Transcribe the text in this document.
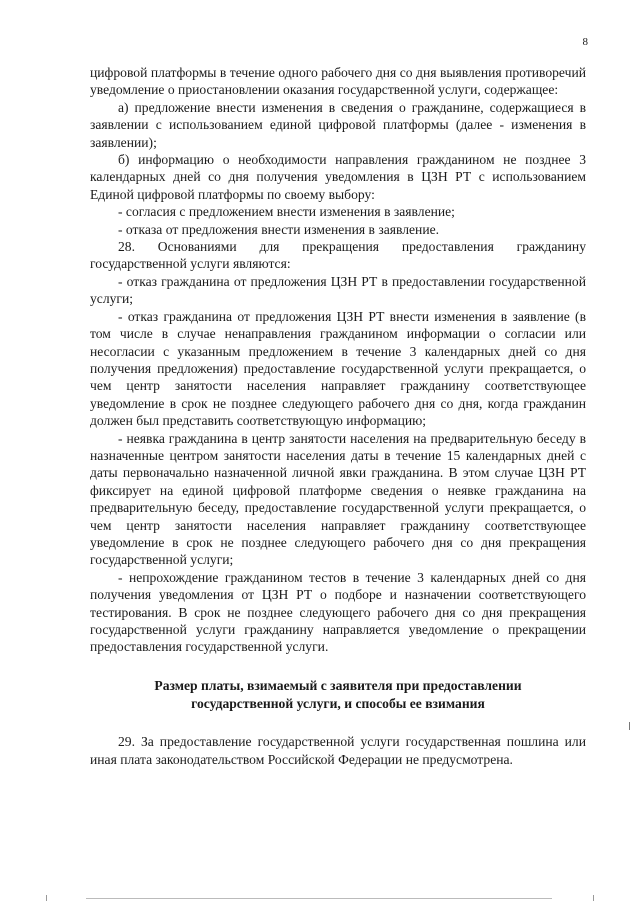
8

цифровой платформы в течение одного рабочего дня со дня выявления противоречий уведомление о приостановлении оказания государственной услуги, содержащее:

а) предложение внести изменения в сведения о гражданине, содержащиеся в заявлении с использованием единой цифровой платформы (далее - изменения в заявлении);

б) информацию о необходимости направления гражданином не позднее 3 календарных дней со дня получения уведомления в ЦЗН РТ с использованием Единой цифровой платформы по своему выбору:

- согласия с предложением внести изменения в заявление;

- отказа от предложения внести изменения в заявление.

28. Основаниями для прекращения предоставления гражданину государственной услуги являются:

- отказ гражданина от предложения ЦЗН РТ в предоставлении государственной услуги;

- отказ гражданина от предложения ЦЗН РТ внести изменения в заявление (в том числе в случае ненаправления гражданином информации о согласии или несогласии с указанным предложением в течение 3 календарных дней со дня получения предложения) предоставление государственной услуги прекращается, о чем центр занятости населения направляет гражданину соответствующее уведомление в срок не позднее следующего рабочего дня со дня, когда гражданин должен был представить соответствующую информацию;

- неявка гражданина в центр занятости населения на предварительную беседу в назначенные центром занятости населения даты в течение 15 календарных дней с даты первоначально назначенной личной явки гражданина. В этом случае ЦЗН РТ фиксирует на единой цифровой платформе сведения о неявке гражданина на предварительную беседу, предоставление государственной услуги прекращается, о чем центр занятости населения направляет гражданину соответствующее уведомление в срок не позднее следующего рабочего дня со дня прекращения государственной услуги;

- непрохождение гражданином тестов в течение 3 календарных дней со дня получения уведомления от ЦЗН РТ о подборе и назначении соответствующего тестирования. В срок не позднее следующего рабочего дня со дня прекращения государственной услуги гражданину направляется уведомление о прекращении предоставления государственной услуги.

Размер платы, взимаемый с заявителя при предоставлении
государственной услуги, и способы ее взимания

29. За предоставление государственной услуги государственная пошлина или иная плата законодательством Российской Федерации не предусмотрена.
